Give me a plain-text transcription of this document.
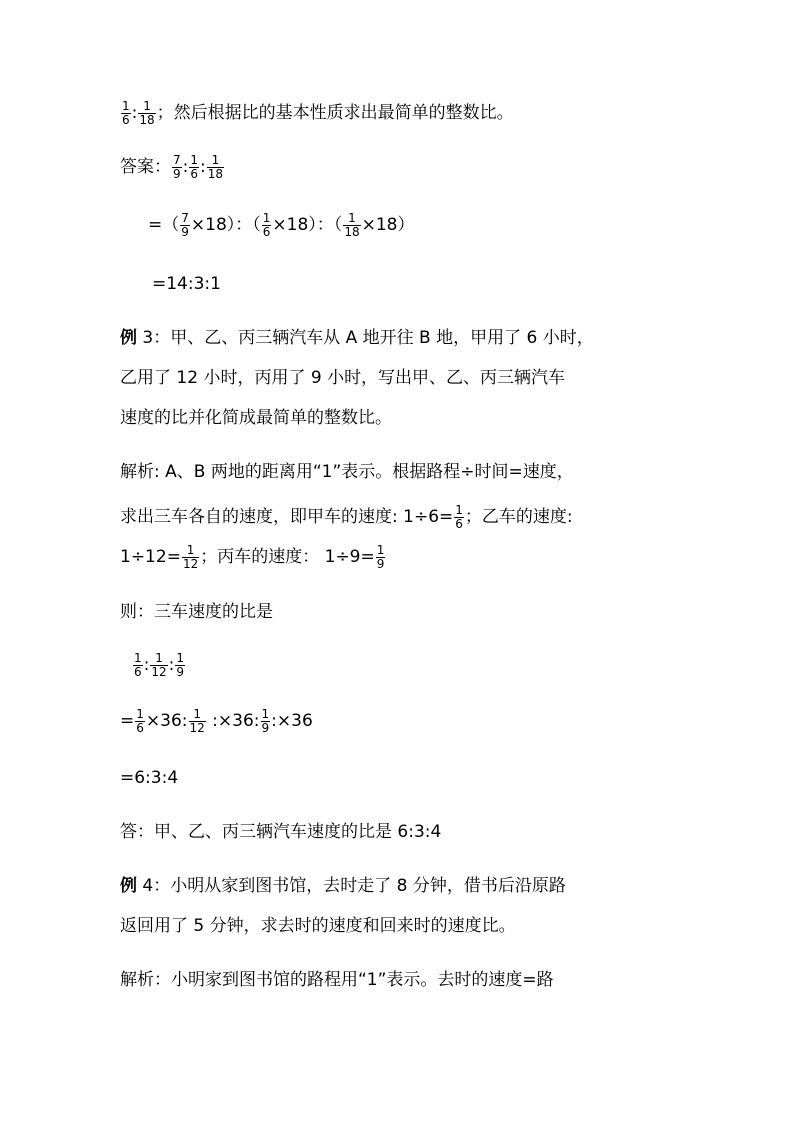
$\frac{1}{6}$ : $\frac{1}{18}$ ；然后根据比的基本性质求出最简单的整数比。
答案： $\frac{7}{9}$ : $\frac{1}{6}$ : $\frac{1}{18}$
=（ $\frac{7}{9} \times 18$）：（ $\frac{1}{6} \times 18$）：（ $\frac{1}{18} \times 18$）
=14:3:1
例 3：甲、乙、丙三辆汽车从 A 地开往 B 地，甲用了 6 小时，
乙用了 12 小时，丙用了 9 小时，写出甲、乙、丙三辆汽车
速度的比并化简成最简单的整数比。
解析: A、B 两地的距离用“1”表示。根据路程÷时间=速度，
求出三车各自的速度，即甲车的速度: $1\div 6= \frac{1}{6}$ ；乙车的速度:
$1\div 12= \frac{1}{12}$ ；丙车的速度： $1\div 9= \frac{1}{9}$
则：三车速度的比是
$\frac{1}{6}$ : $\frac{1}{12}$ : $\frac{1}{9}$
= $\frac{1}{6} \times 36$: $\frac{1}{12}$ :×36: $\frac{1}{9}$ :×36
=6:3:4
答：甲、乙、丙三辆汽车速度的比是 6:3:4
例 4：小明从家到图书馆，去时走了 8 分钟，借书后沿原路
返回用了 5 分钟，求去时的速度和回来时的速度比。
解析：小明家到图书馆的路程用“1”表示。去时的速度=路
